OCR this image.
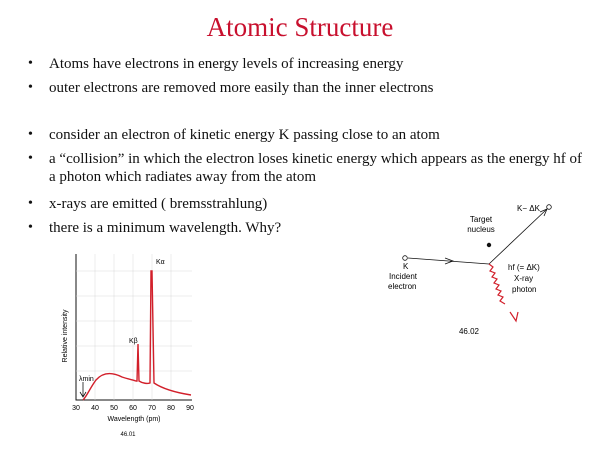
Atomic Structure
• Atoms have electrons in energy levels of increasing energy
• outer electrons are removed more easily than the inner electrons
• consider an electron of kinetic energy K passing close to an atom
• a “collision” in which the electron loses kinetic energy which appears as the energy hf of a photon which radiates away from the atom
• x-rays are emitted ( bremsstrahlung)
• there is a minimum wavelength. Why?
Relative intensity
Kα
Kβ
λmin
30 40 50 60 70 80 90
Wavelength (pm)
46.01
Target
nucleus
K− ΔK
hf (= ΔK)
X-ray
photon
K
Incident
electron
46.02
